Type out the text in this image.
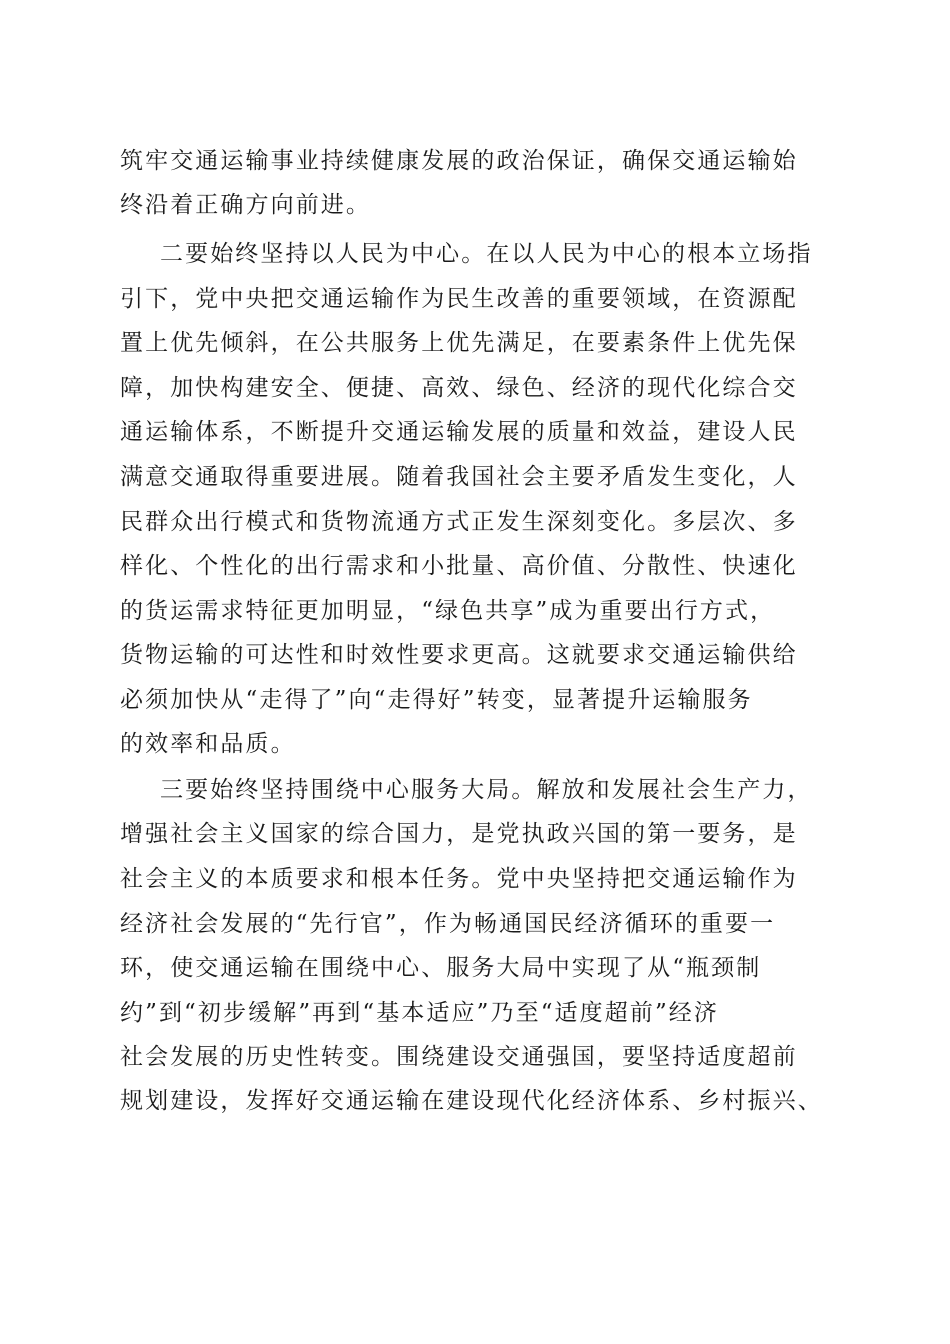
筑牢交通运输事业持续健康发展的政治保证，确保交通运输始

终沿着正确方向前进。

二要始终坚持以人民为中心。在以人民为中心的根本立场指

引下，党中央把交通运输作为民生改善的重要领域，在资源配

置上优先倾斜，在公共服务上优先满足，在要素条件上优先保

障，加快构建安全、便捷、高效、绿色、经济的现代化综合交

通运输体系，不断提升交通运输发展的质量和效益，建设人民

满意交通取得重要进展。随着我国社会主要矛盾发生变化，人

民群众出行模式和货物流通方式正发生深刻变化。多层次、多

样化、个性化的出行需求和小批量、高价值、分散性、快速化

的货运需求特征更加明显，“绿色共享”成为重要出行方式，

货物运输的可达性和时效性要求更高。这就要求交通运输供给

必须加快从“走得了”向“走得好”转变，显著提升运输服务

的效率和品质。

三要始终坚持围绕中心服务大局。解放和发展社会生产力，

增强社会主义国家的综合国力，是党执政兴国的第一要务，是

社会主义的本质要求和根本任务。党中央坚持把交通运输作为

经济社会发展的“先行官”，作为畅通国民经济循环的重要一

环，使交通运输在围绕中心、服务大局中实现了从“瓶颈制

约”到“初步缓解”再到“基本适应”乃至“适度超前”经济

社会发展的历史性转变。围绕建设交通强国，要坚持适度超前

规划建设，发挥好交通运输在建设现代化经济体系、乡村振兴、
